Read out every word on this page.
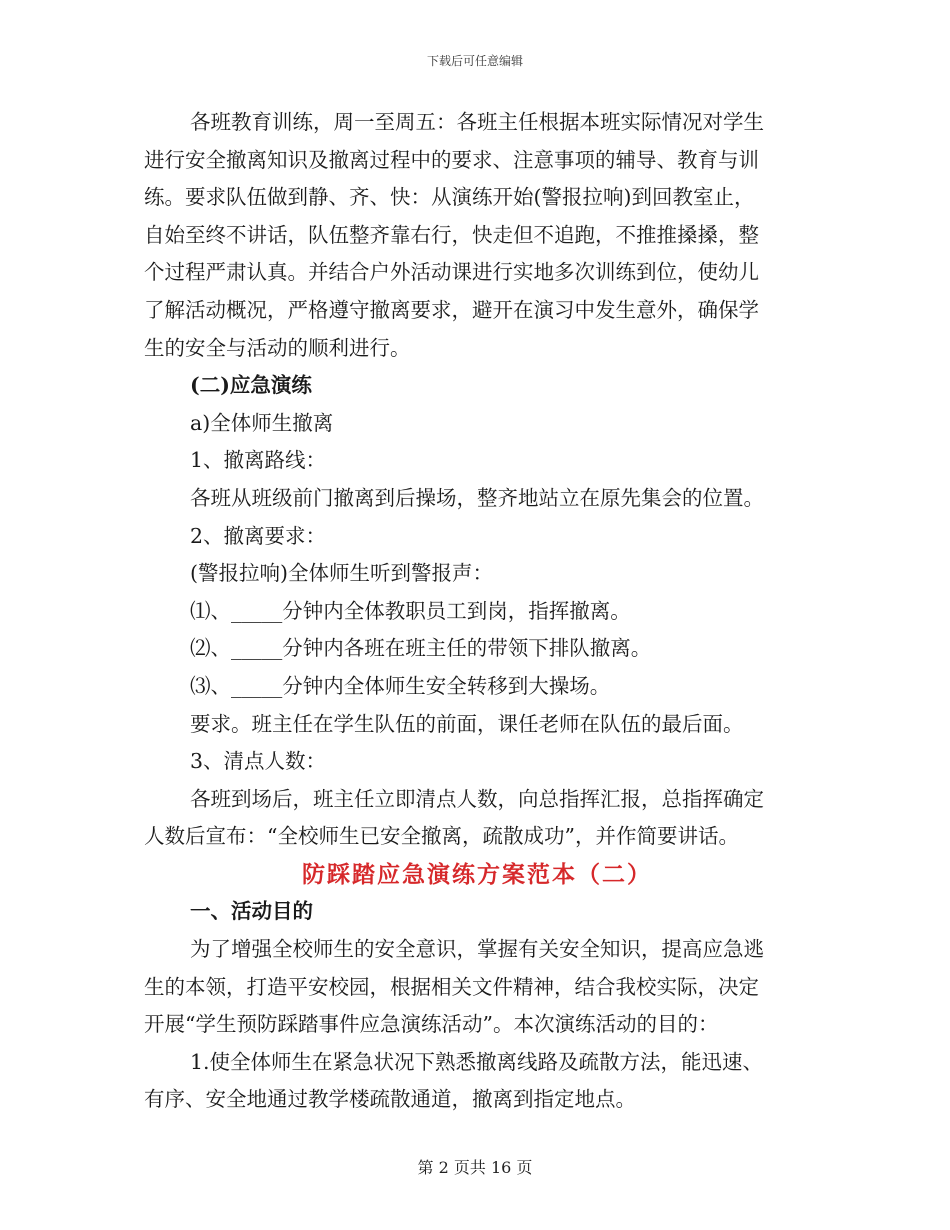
下载后可任意编辑

各班教育训练，周一至周五：各班主任根据本班实际情况对学生

进行安全撤离知识及撤离过程中的要求、注意事项的辅导、教育与训

练。要求队伍做到静、齐、快：从演练开始(警报拉响)到回教室止，

自始至终不讲话，队伍整齐靠右行，快走但不追跑，不推推搡搡，整

个过程严肃认真。并结合户外活动课进行实地多次训练到位，使幼儿

了解活动概况，严格遵守撤离要求，避开在演习中发生意外，确保学

生的安全与活动的顺利进行。

(二)应急演练

a)全体师生撤离

1、撤离路线：

各班从班级前门撤离到后操场，整齐地站立在原先集会的位置。

2、撤离要求：

(警报拉响)全体师生听到警报声：

⑴、_____分钟内全体教职员工到岗，指挥撤离。

⑵、_____分钟内各班在班主任的带领下排队撤离。

⑶、_____分钟内全体师生安全转移到大操场。

要求。班主任在学生队伍的前面，课任老师在队伍的最后面。

3、清点人数：

各班到场后，班主任立即清点人数，向总指挥汇报，总指挥确定

人数后宣布：“全校师生已安全撤离，疏散成功”，并作简要讲话。

防踩踏应急演练方案范本（二）

一、活动目的

为了增强全校师生的安全意识，掌握有关安全知识，提高应急逃

生的本领，打造平安校园，根据相关文件精神，结合我校实际，决定

开展“学生预防踩踏事件应急演练活动”。本次演练活动的目的：

1.使全体师生在紧急状况下熟悉撤离线路及疏散方法，能迅速、

有序、安全地通过教学楼疏散通道，撤离到指定地点。

第 2 页共 16 页
